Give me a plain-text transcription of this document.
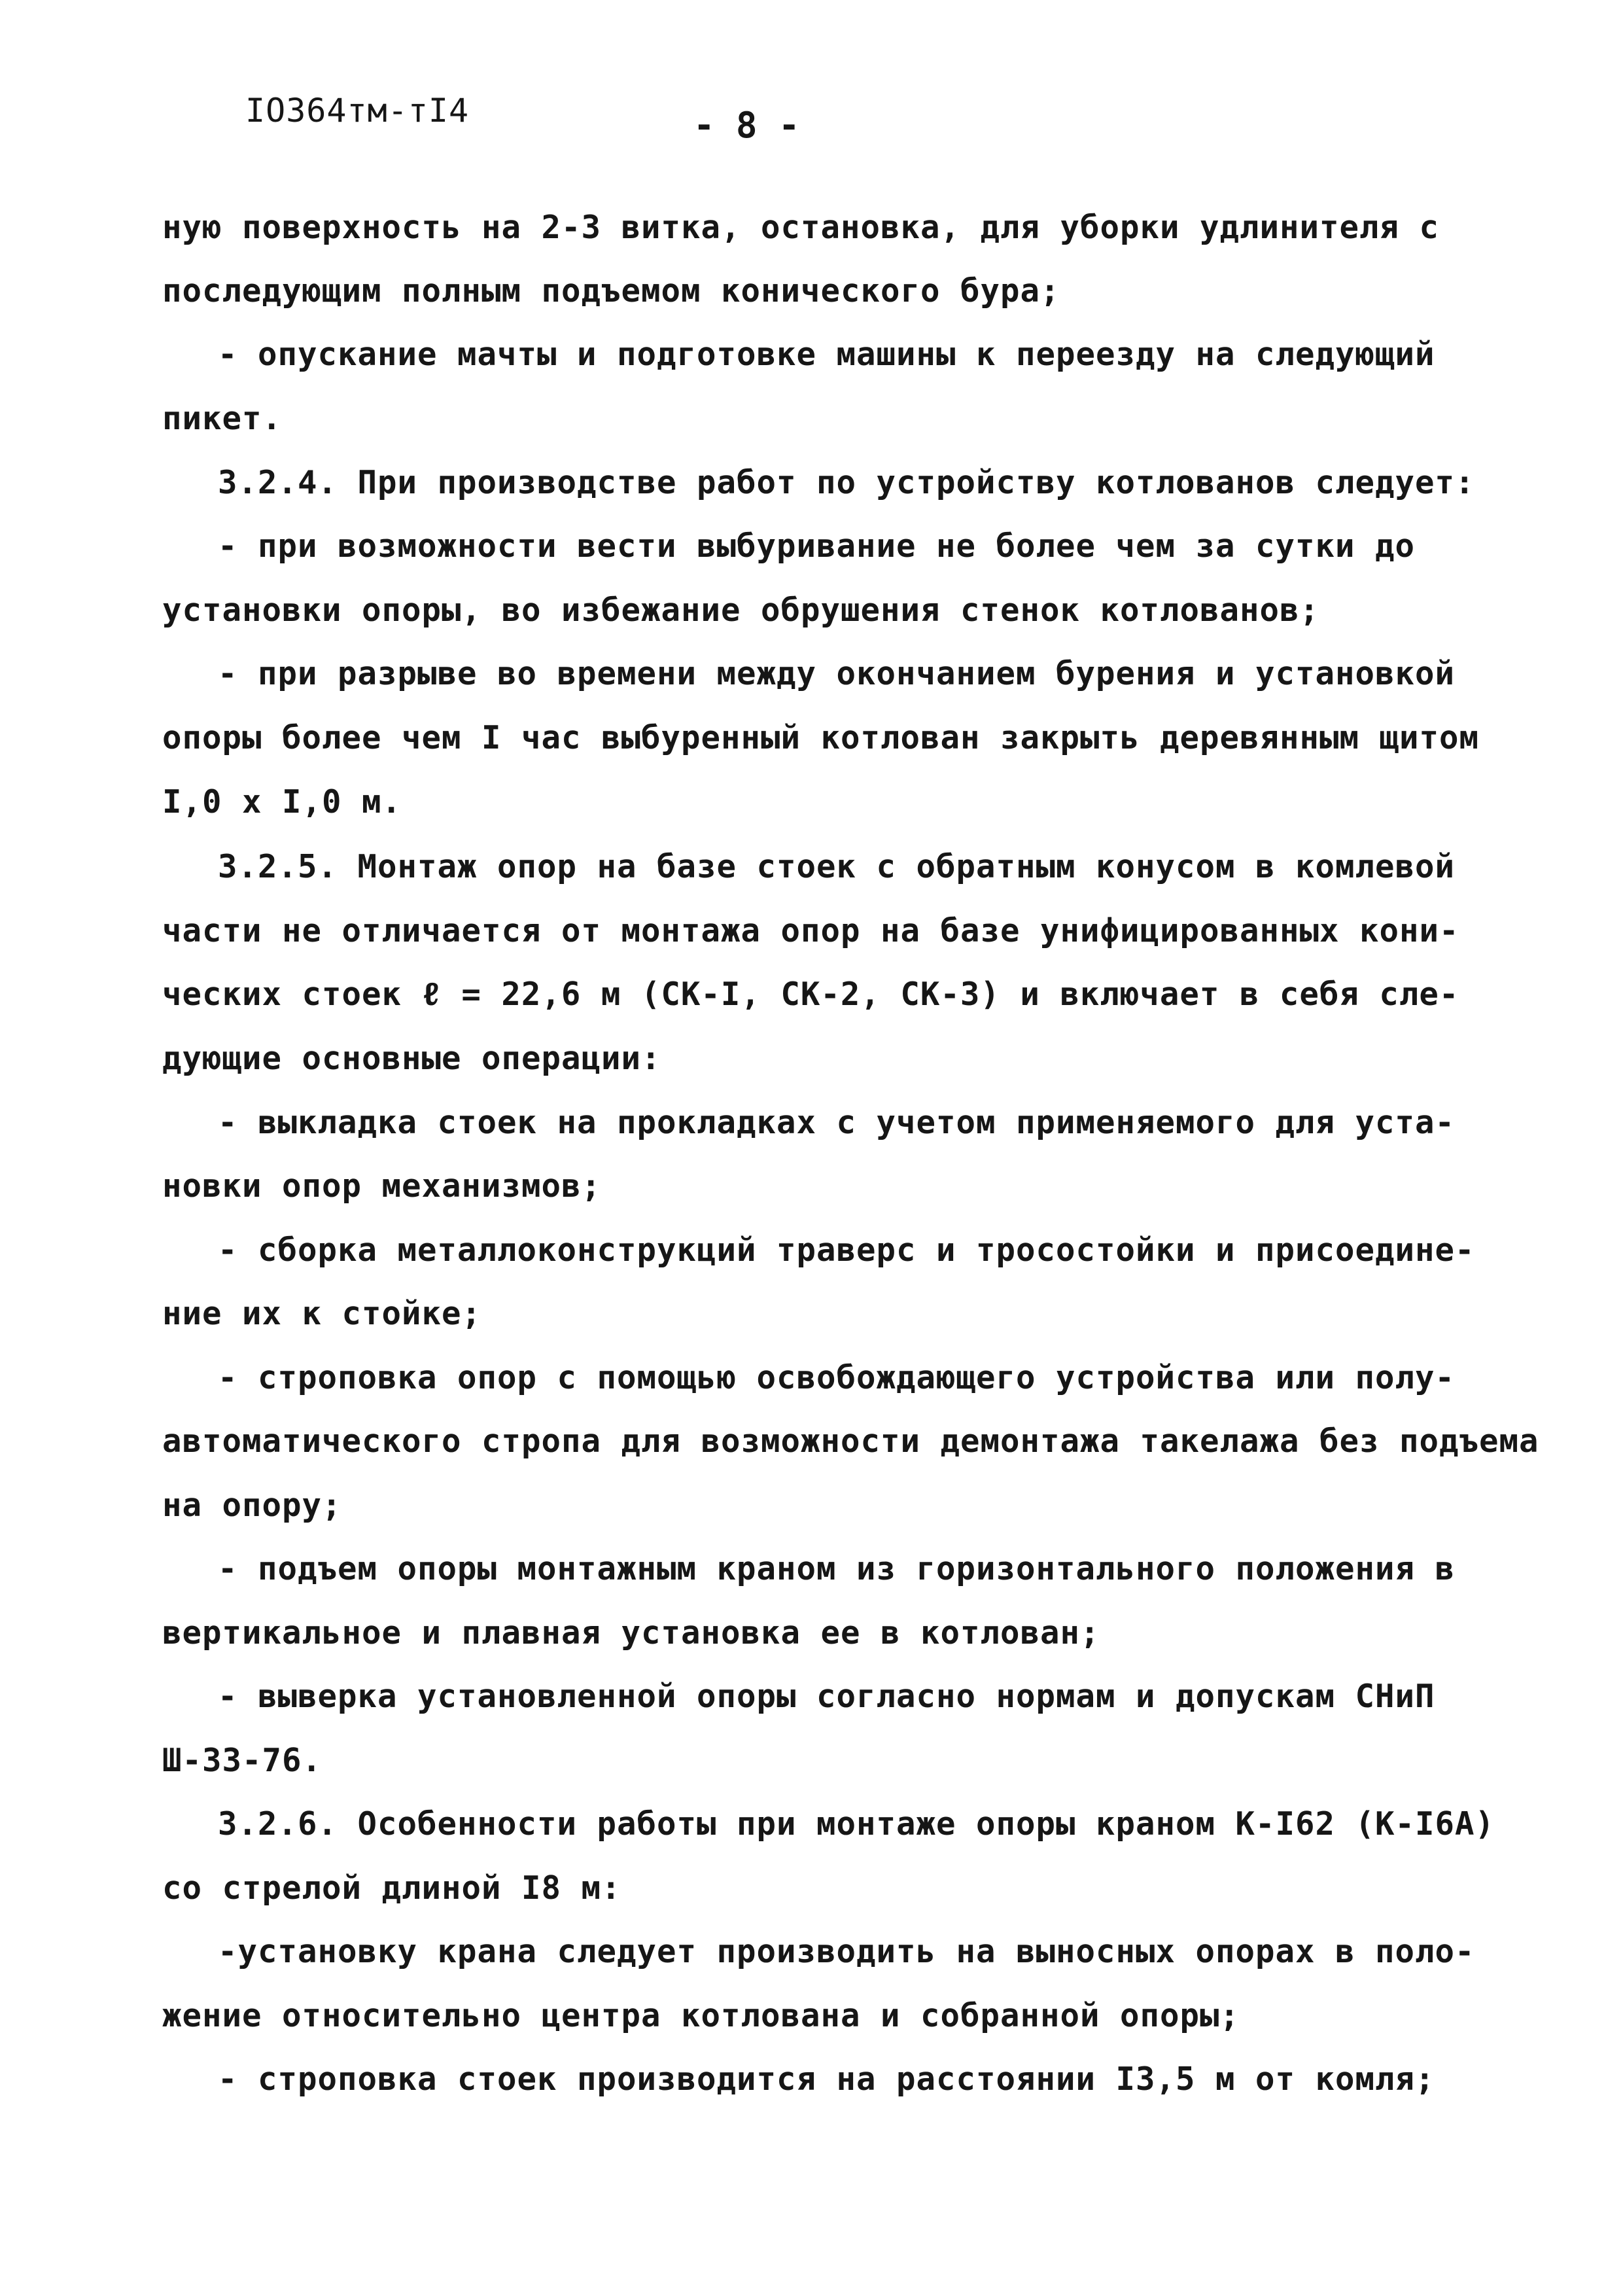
IO364тм-тI4	- 8 -
ную поверхность на 2-3 витка, остановка, для уборки удлинителя с
последующим полным подъемом конического бура;
- опускание мачты и подготовке машины к переезду на следующий
пикет.
3.2.4. При производстве работ по устройству котлованов следует:
- при возможности вести выбуривание не более чем за сутки до
установки опоры, во избежание обрушения стенок котлованов;
- при разрыве во времени между окончанием бурения и установкой
опоры более чем I час выбуренный котлован закрыть деревянным щитом
I,0 x I,0 м.
3.2.5. Монтаж опор на базе стоек с обратным конусом в комлевой
части не отличается от монтажа опор на базе унифицированных кони-
ческих стоек ℓ = 22,6 м (СК-I, СК-2, СК-3) и включает в себя сле-
дующие основные операции:
- выкладка стоек на прокладках с учетом применяемого для уста-
новки опор механизмов;
- сборка металлоконструкций траверс и тросостойки и присоедине-
ние их к стойке;
- строповка опор с помощью освобождающего устройства или полу-
автоматического стропа для возможности демонтажа такелажа без подъема
на опору;
- подъем опоры монтажным краном из горизонтального положения в
вертикальное и плавная установка ее в котлован;
- выверка установленной опоры согласно нормам и допускам СНиП
Ш-33-76.
3.2.6. Особенности работы при монтаже опоры краном К-I62 (К-I6А)
со стрелой длиной I8 м:
-установку крана следует производить на выносных опорах в поло-
жение относительно центра котлована и собранной опоры;
- строповка стоек производится на расстоянии I3,5 м от комля;
